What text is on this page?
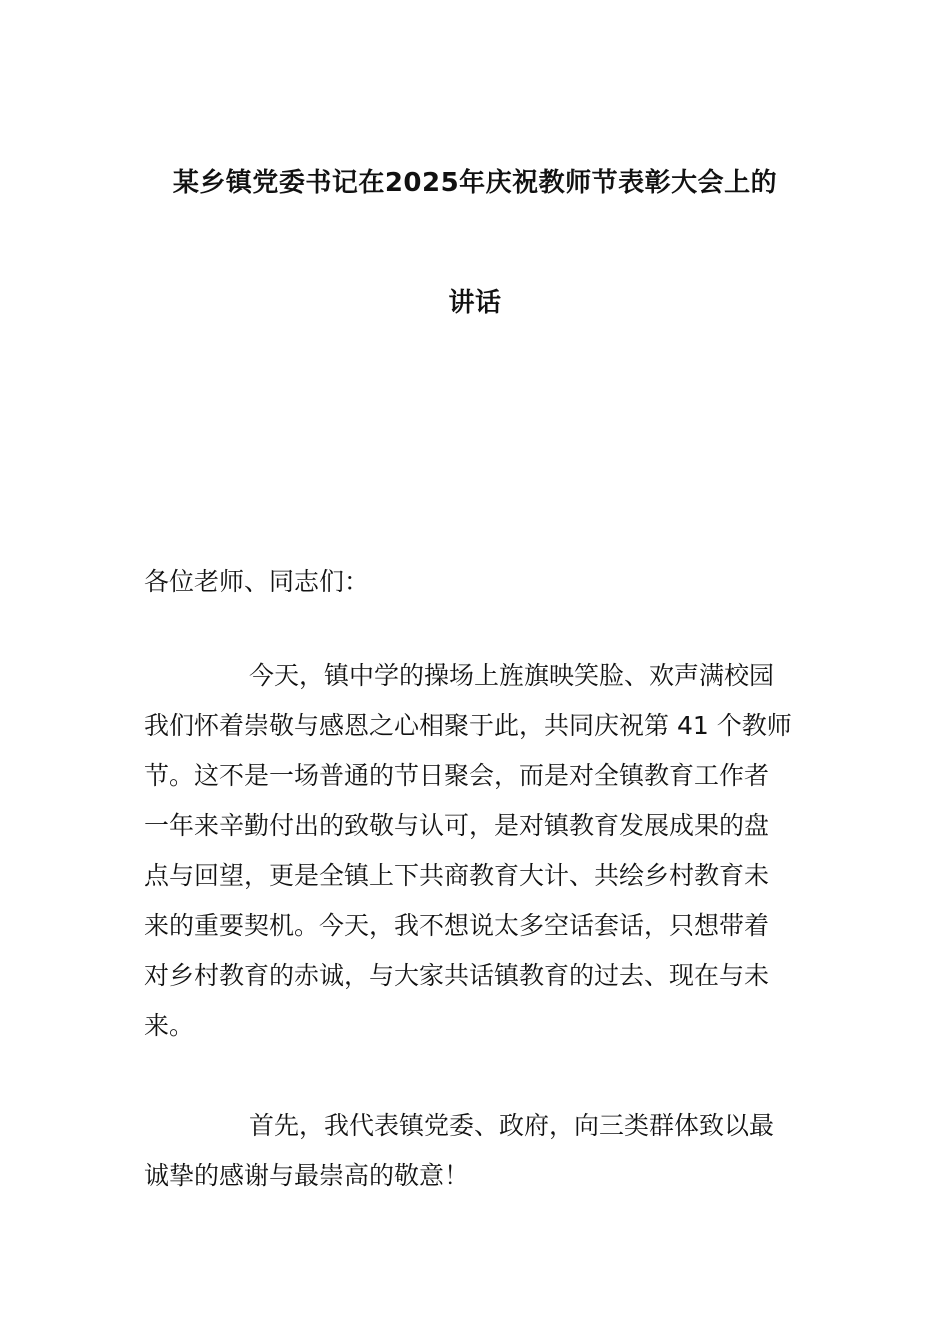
某乡镇党委书记在2025年庆祝教师节表彰大会上的
讲话
各位老师、同志们：
今天，镇中学的操场上旌旗映笑脸、欢声满校园
我们怀着崇敬与感恩之心相聚于此，共同庆祝第 41 个教师
节。这不是一场普通的节日聚会，而是对全镇教育工作者
一年来辛勤付出的致敬与认可，是对镇教育发展成果的盘
点与回望，更是全镇上下共商教育大计、共绘乡村教育未
来的重要契机。今天，我不想说太多空话套话，只想带着
对乡村教育的赤诚，与大家共话镇教育的过去、现在与未
来。
首先，我代表镇党委、政府，向三类群体致以最
诚挚的感谢与最崇高的敬意！
